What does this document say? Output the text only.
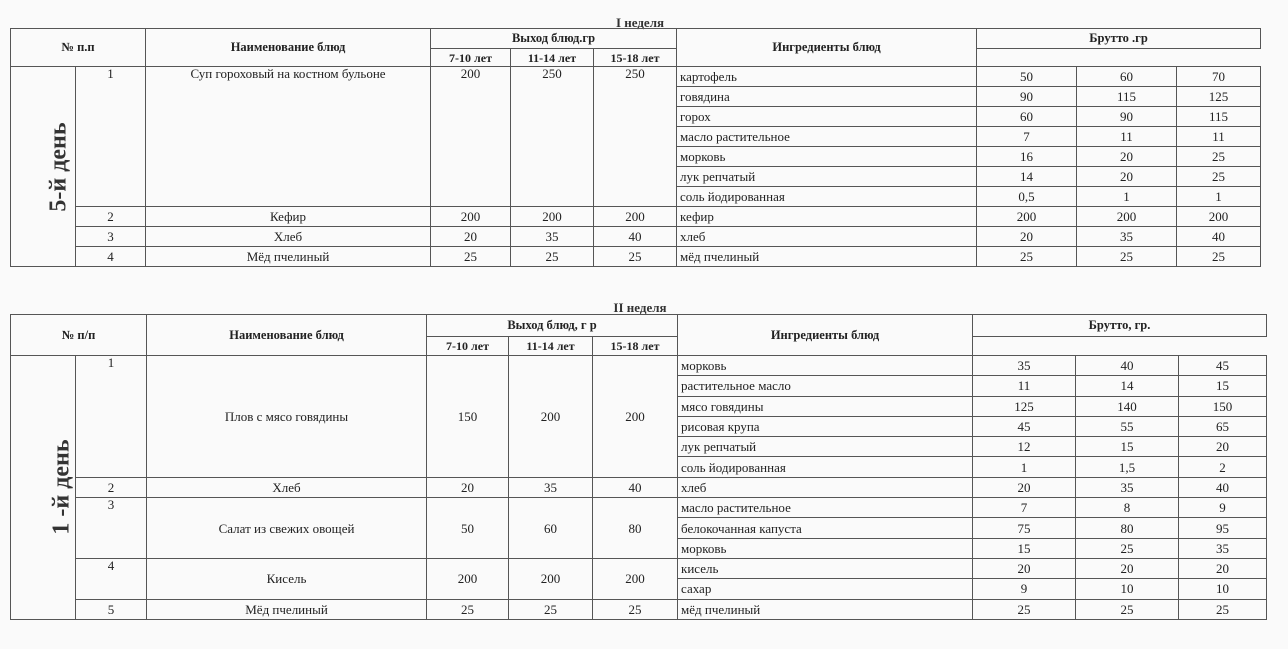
I неделя
№ п.п		Наименование блюд	Выход блюд.гр			Ингредиенты блюд	Брутто .гр		
			7-10 лет	11-14 лет	15-18 лет				
5-й день	1	Суп гороховый на костном бульоне	200	250	250	картофель	50	60	70
						говядина	90	115	125
						горох	60	90	115
						масло растительное	7	11	11
						морковь	16	20	25
						лук репчатый	14	20	25
						соль йодированная	0,5	1	1
	2	Кефир	200	200	200	кефир	200	200	200
	3	Хлеб	20	35	40	хлеб	20	35	40
	4	Мёд пчелиный	25	25	25	мёд пчелиный	25	25	25
II неделя
№ п/п		Наименование блюд	Выход блюд, г р			Ингредиенты блюд	Брутто, гр.		
			7-10 лет	11-14 лет	15-18 лет				
1 -й день	1	Плов с мясо говядины	150	200	200	морковь	35	40	45
						растительное масло	11	14	15
						мясо говядины	125	140	150
						рисовая крупа	45	55	65
						лук репчатый	12	15	20
						соль йодированная	1	1,5	2
	2	Хлеб	20	35	40	хлеб	20	35	40
	3	Салат из свежих овощей	50	60	80	масло растительное	7	8	9
						белокочанная капуста	75	80	95
						морковь	15	25	35
	4	Кисель	200	200	200	кисель	20	20	20
						сахар	9	10	10
	5	Мёд пчелиный	25	25	25	мёд пчелиный	25	25	25
